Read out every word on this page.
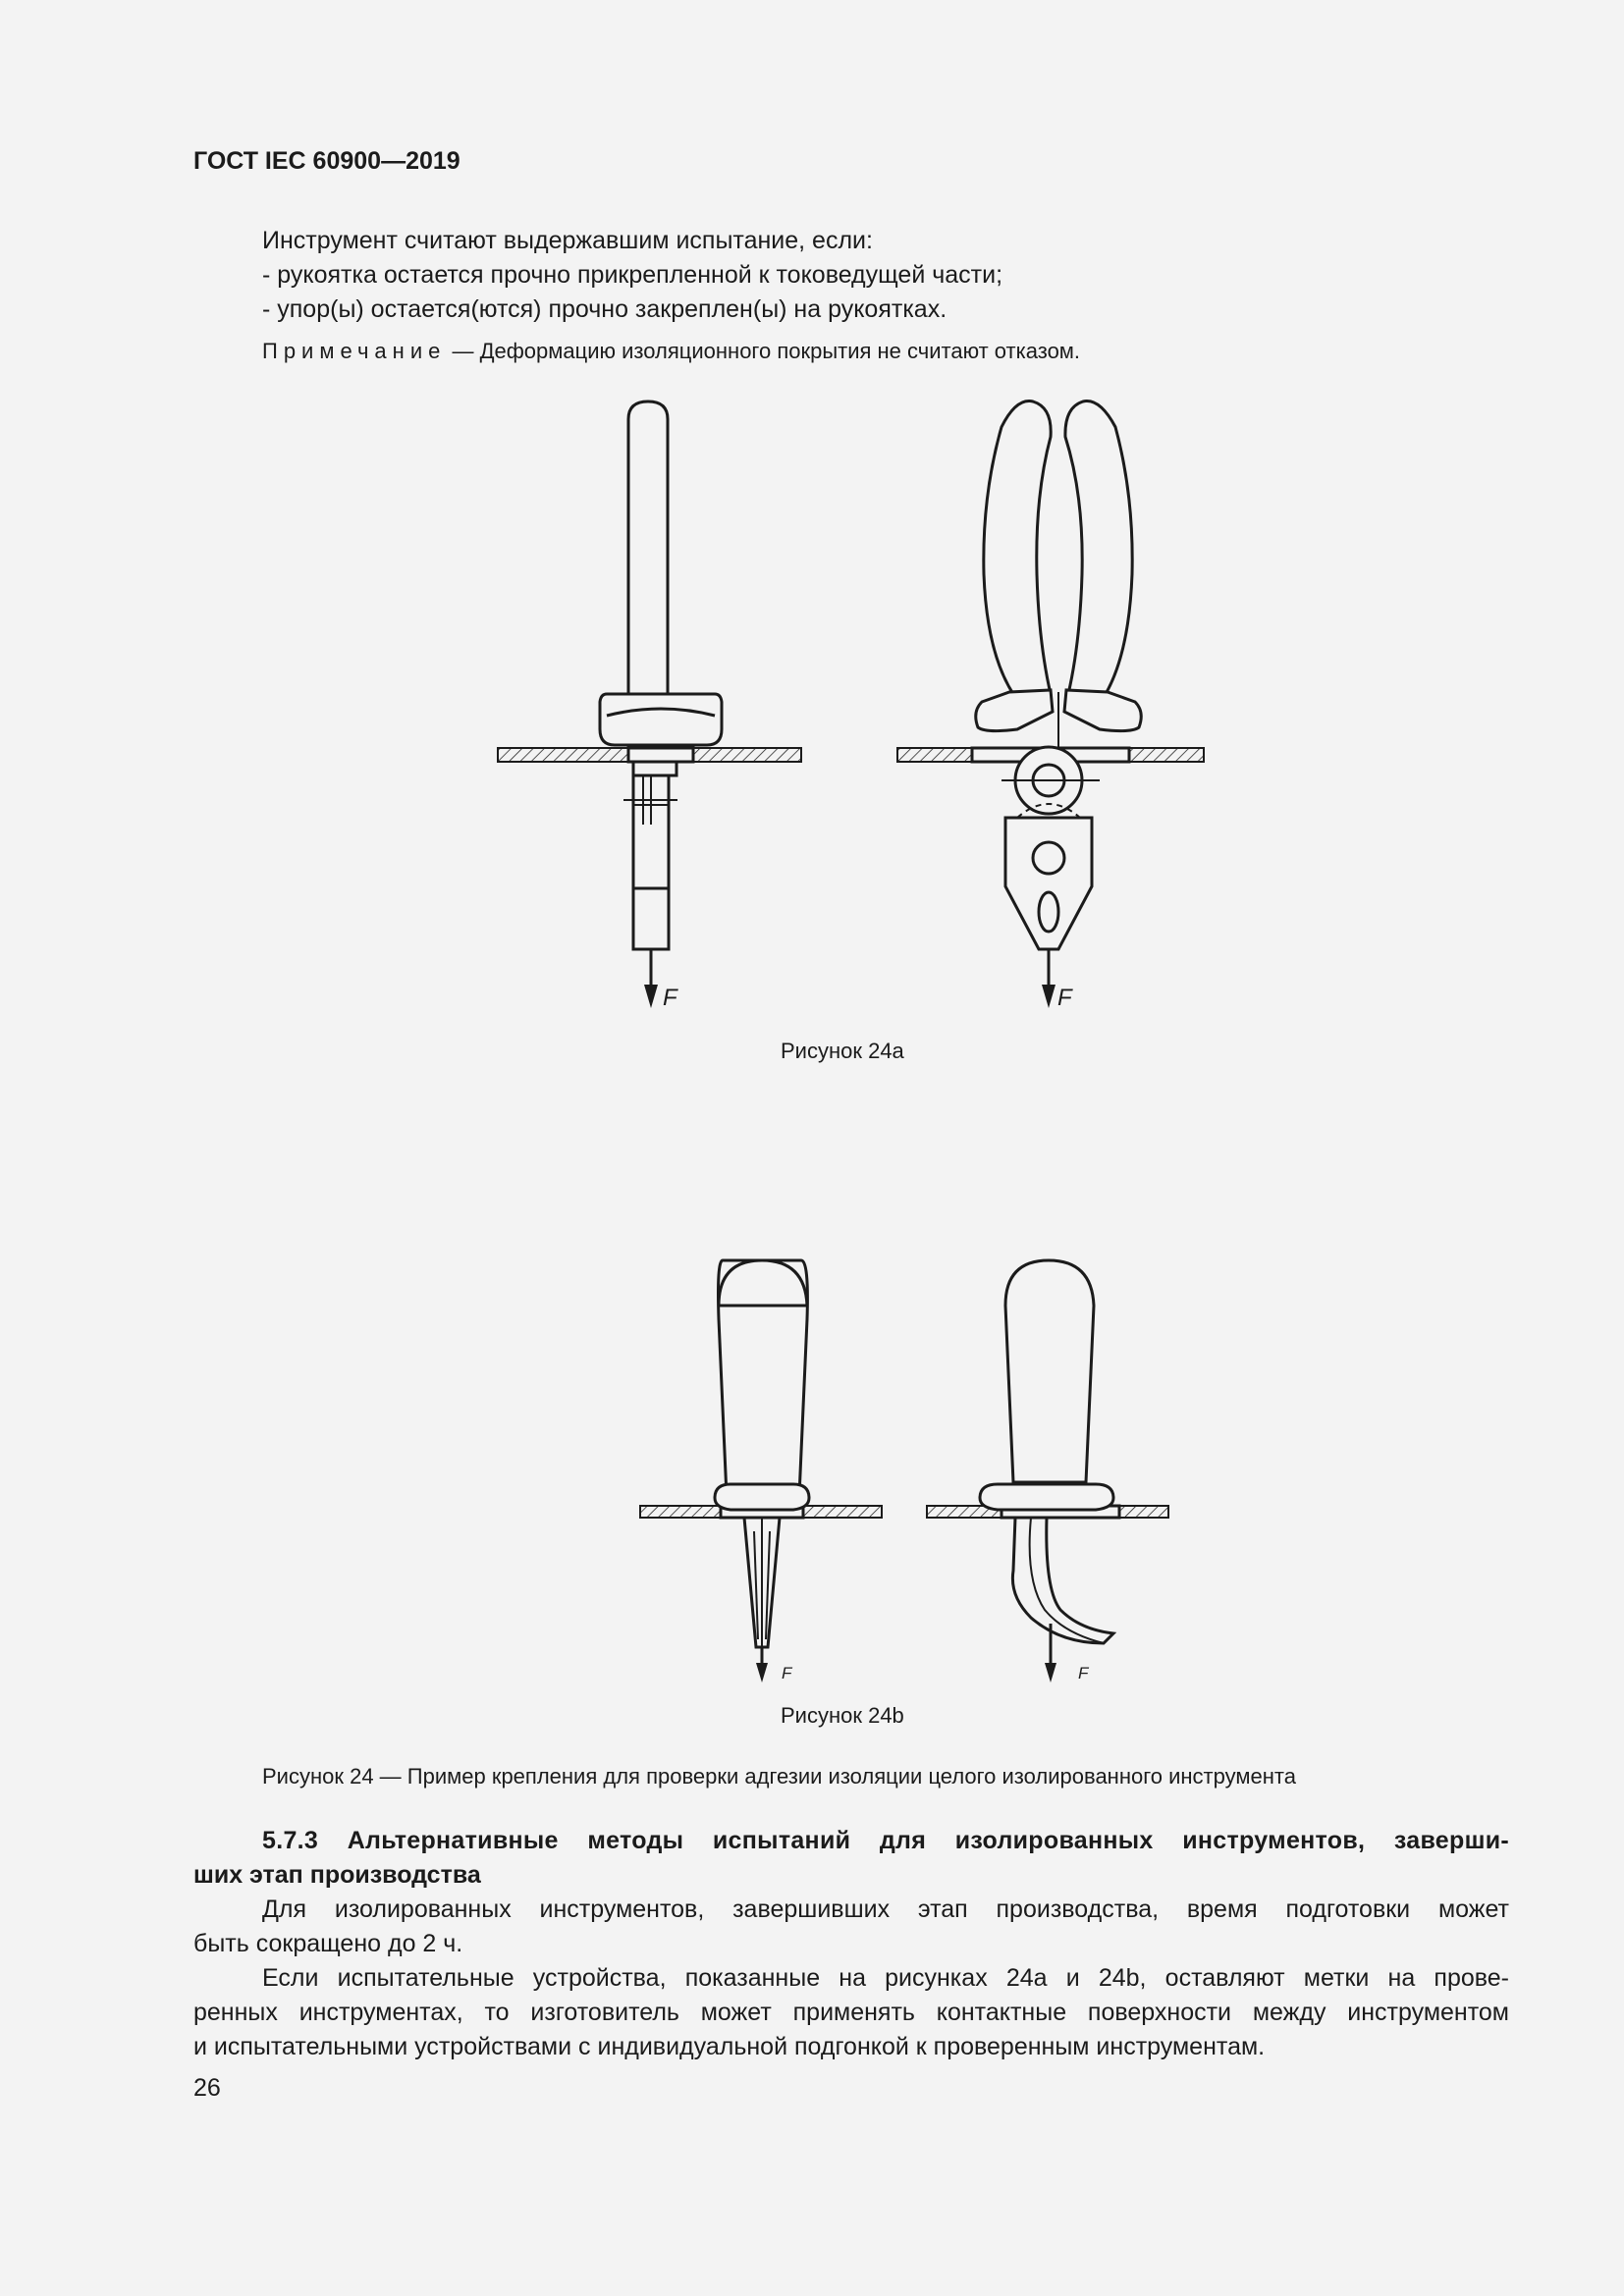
ГОСТ IEC 60900—2019
Инструмент считают выдержавшим испытание, если:
- рукоятка остается прочно прикрепленной к токоведущей части;
- упор(ы) остается(ются) прочно закреплен(ы) на рукоятках.
Примечание — Деформацию изоляционного покрытия не считают отказом.
F	F
Рисунок 24а
F	F
Рисунок 24b
Рисунок 24 — Пример крепления для проверки адгезии изоляции целого изолированного инструмента
5.7.3 Альтернативные методы испытаний для изолированных инструментов, заверши-
ших этап производства
Для изолированных инструментов, завершивших этап производства, время подготовки может
быть сокращено до 2 ч.
Если испытательные устройства, показанные на рисунках 24а и 24b, оставляют метки на прове-
ренных инструментах, то изготовитель может применять контактные поверхности между инструментом
и испытательными устройствами с индивидуальной подгонкой к проверенным инструментам.
26
